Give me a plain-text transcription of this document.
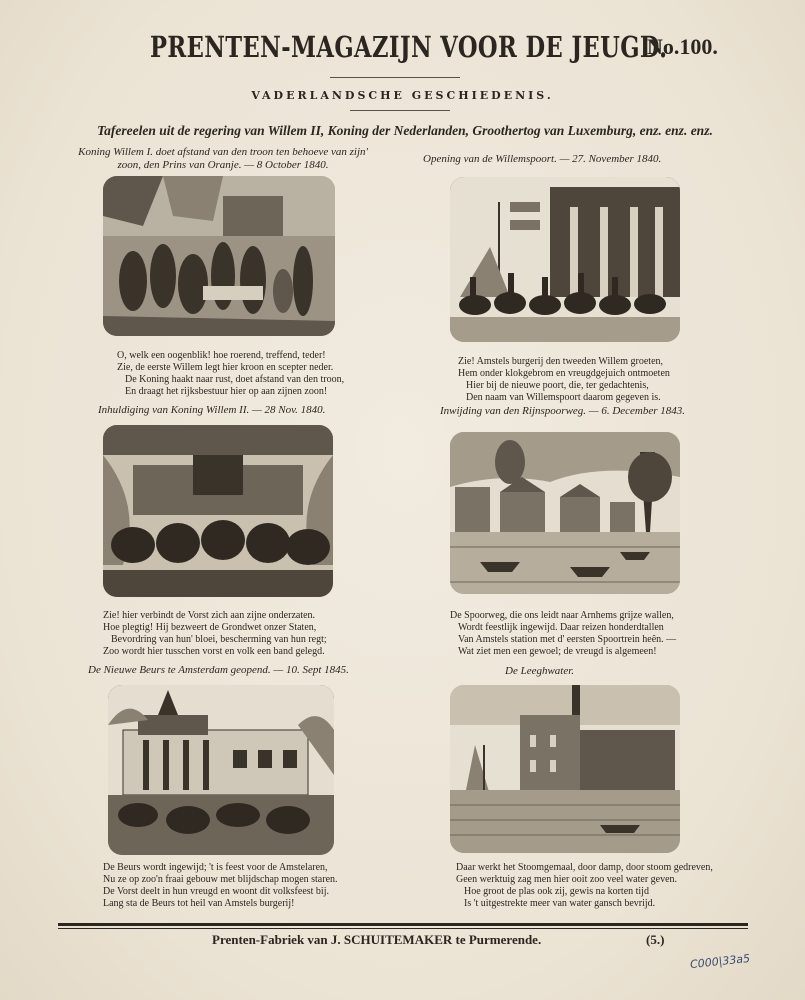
PRENTEN-MAGAZIJN VOOR DE JEUGD.
No.100.
VADERLANDSCHE GESCHIEDENIS.
Tafereelen uit de regering van Willem II, Koning der Nederlanden, Groothertog van Luxemburg, enz. enz. enz.
Koning Willem I. doet afstand van den troon ten behoeve van zijn' zoon, den Prins van Oranje. — 8 October 1840.
O, welk een oogenblik! hoe roerend, treffend, teder!
Zie, de eerste Willem legt hier kroon en scepter neder.
De Koning haakt naar rust, doet afstand van den troon,
En draagt het rijksbestuur hier op aan zijnen zoon!
Opening van de Willemspoort. — 27. November 1840.
Zie! Amstels burgerij den tweeden Willem groeten,
Hem onder klokgebrom en vreugdgejuich ontmoeten
Hier bij de nieuwe poort, die, ter gedachtenis,
Den naam van Willemspoort daarom gegeven is.
Inhuldiging van Koning Willem II. — 28 Nov. 1840.
Zie! hier verbindt de Vorst zich aan zijne onderzaten.
Hoe plegtig! Hij bezweert de Grondwet onzer Staten,
Bevordring van hun' bloei, bescherming van hun regt;
Zoo wordt hier tusschen vorst en volk een band gelegd.
Inwijding van den Rijnspoorweg. — 6. December 1843.
De Spoorweg, die ons leidt naar Arnhems grijze wallen,
Wordt feestlijk ingewijd. Daar reizen honderdtallen
Van Amstels station met d' eersten Spoortrein heên. —
Wat ziet men een gewoel; de vreugd is algemeen!
De Nieuwe Beurs te Amsterdam geopend. — 10. Sept 1845.
De Beurs wordt ingewijd; 't is feest voor de Amstelaren,
Nu ze op zoo'n fraai gebouw met blijdschap mogen staren.
De Vorst deelt in hun vreugd en woont dit volksfeest bij.
Lang sta de Beurs tot heil van Amstels burgerij!
De Leeghwater.
Daar werkt het Stoomgemaal, door damp, door stoom gedreven,
Geen werktuig zag men hier ooit zoo veel water geven.
Hoe groot de plas ook zij, gewis na korten tijd
Is 't uitgestrekte meer van water gansch bevrijd.
Prenten-Fabriek van J. SCHUITEMAKER te Purmerende.	(5.)
C000|33a5
